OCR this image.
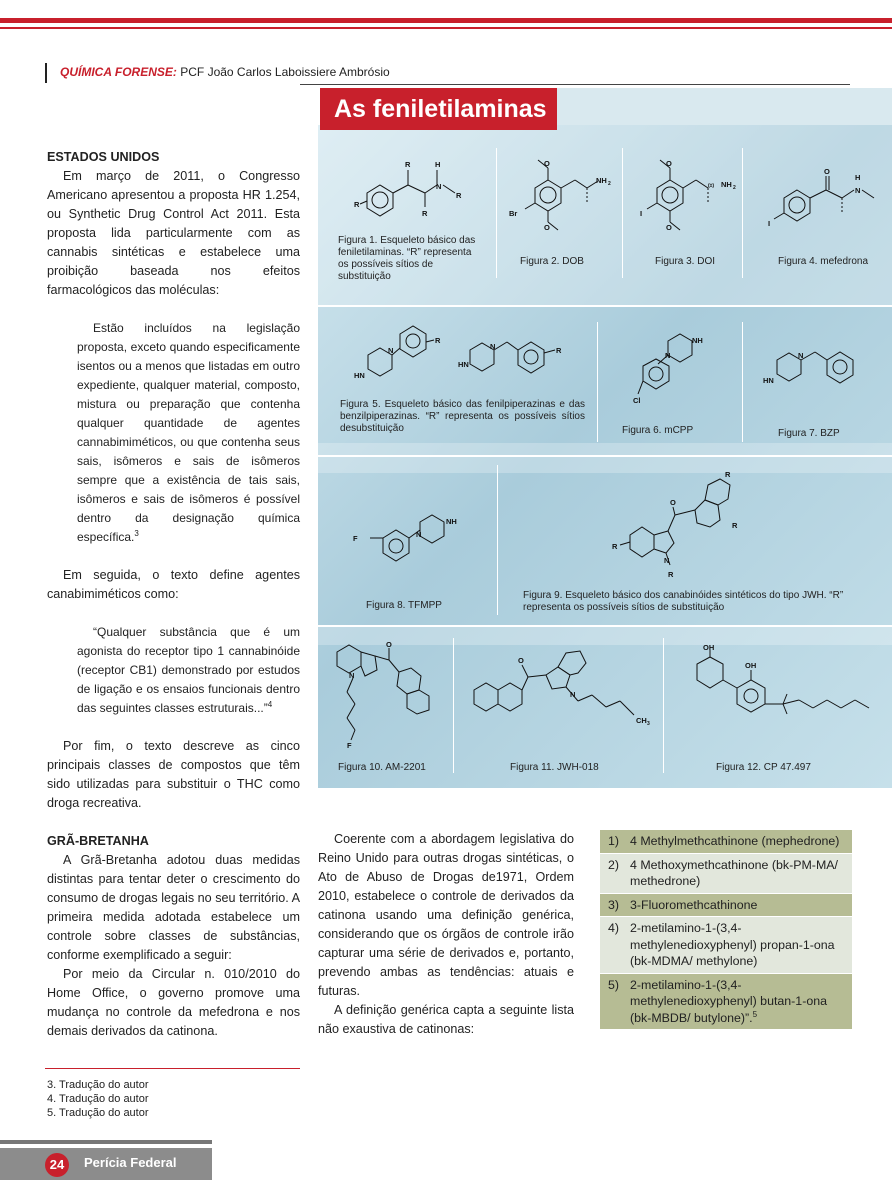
QUÍMICA FORENSE: PCF João Carlos Laboissiere Ambrósio
As feniletilaminas
R
R
H
N
R
R
Figura 1. Esqueleto básico das feniletilaminas. “R” representa os possíveis sítios de substituição
O
NH 2
Br
O
Figura 2. DOB
O
(±) NH 2
I
O
Figura 3. DOI
O
H
N
I
Figura 4. mefedrona
N
HN
R
N
HN
R
Figura 5. Esqueleto básico das fenilpiperazinas e das benzilpiperazinas. “R” representa os possíveis sítios desubstituição
N
NH
Cl
Figura 6. mCPP
N
HN
Figura 7. BZP
F	N
NH
Figura 8. TFMPP
O
R
R
R
N
R
Figura 9. Esqueleto básico dos canabinóides sintéticos do tipo JWH. “R” representa os possíveis sítios de substituição
O
N
F
Figura 10. AM-2201
O
N
CH 3
Figura 11. JWH-018
OH
OH
Figura 12. CP 47.497
ESTADOS UNIDOS

Em março de 2011, o Congresso Americano apresentou a proposta HR 1.254, ou Synthetic Drug Control Act 2011. Esta proposta lida particularmente com as cannabis sintéticas e estabelece uma proibição baseada nos efeitos farmacológicos das moléculas:

Estão incluídos na legislação proposta, exceto quando especificamente isentos ou a menos que listadas em outro expediente, qualquer material, composto, mistura ou preparação que contenha qualquer quantidade de agentes cannabimiméticos, ou que contenha seus sais, isômeros e sais de isômeros sempre que a existência de tais sais, isômeros e sais de isômeros é possível dentro da designação química específica.$^3$

Em seguida, o texto define agentes canabimiméticos como:

“Qualquer substância que é um agonista do receptor tipo 1 cannabinóide (receptor CB1) demonstrado por estudos de ligação e os ensaios funcionais dentro das seguintes classes estruturais...”$^4$

Por fim, o texto descreve as cinco principais classes de compostos que têm sido utilizadas para substituir o THC como droga recreativa.

GRÃ-BRETANHA

A Grã-Bretanha adotou duas medidas distintas para tentar deter o crescimento do consumo de drogas legais no seu território. A primeira medida adotada estabelece um controle sobre classes de substâncias, conforme exemplificado a seguir:

Por meio da Circular n. 010/2010 do Home Office, o governo promove uma mudança no controle da mefedrona e nos demais derivados da catinona.

Coerente com a abordagem legislativa do Reino Unido para outras drogas sintéticas, o Ato de Abuso de Drogas de1971, Ordem 2010, estabelece o controle de derivados da catinona usando uma definição genérica, considerando que os órgãos de controle irão capturar uma série de derivados e, portanto, prevendo ambas as tendências: atuais e futuras.

A definição genérica capta a seguinte lista não exaustiva de catinonas:

1) 4 Methylmethcathinone (mephedrone)
2) 4 Methoxymethcathinone (bk-PM-MA/ methedrone)
3) 3-Fluoromethcathinone
4) 2-metilamino-1-(3,4-methylenedioxyphenyl) propan-1-ona (bk-MDMA/ methylone)
5) 2-metilamino-1-(3,4-methylenedioxyphenyl) butan-1-ona (bk-MBDB/ butylone)”.$^5$
3. Tradução do autor
4. Tradução do autor
5. Tradução do autor
24	Perícia Federal
